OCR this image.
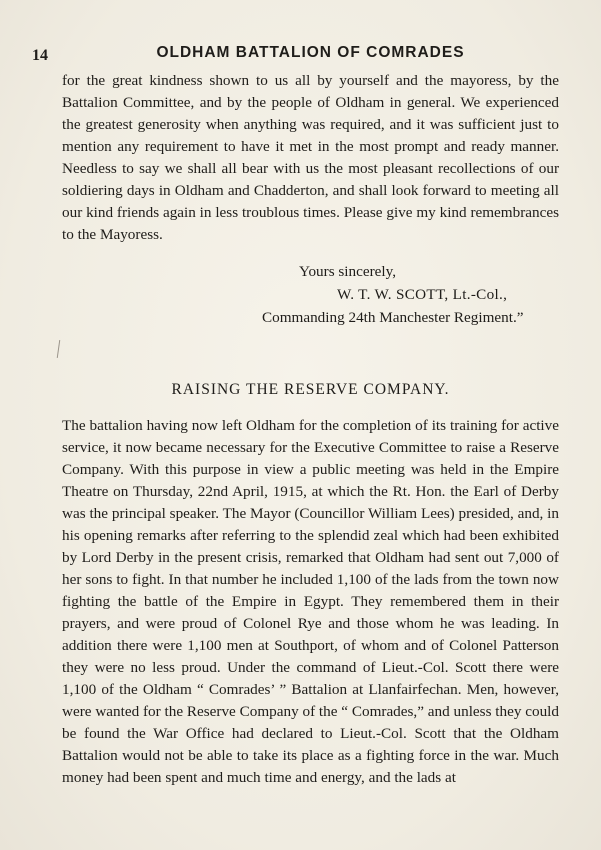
14	OLDHAM BATTALION OF COMRADES

for the great kindness shown to us all by yourself and the mayoress, by the Battalion Committee, and by the people of Oldham in general. We experienced the greatest generosity when anything was required, and it was sufficient just to mention any requirement to have it met in the most prompt and ready manner. Needless to say we shall all bear with us the most pleasant recollections of our soldiering days in Oldham and Chadderton, and shall look forward to meeting all our kind friends again in less troublous times. Please give my kind remembrances to the Mayoress.

Yours sincerely,
W. T. W. SCOTT, Lt.-Col.,
Commanding 24th Manchester Regiment.”
RAISING THE RESERVE COMPANY.

The battalion having now left Oldham for the completion of its training for active service, it now became necessary for the Executive Committee to raise a Reserve Company. With this purpose in view a public meeting was held in the Empire Theatre on Thursday, 22nd April, 1915, at which the Rt. Hon. the Earl of Derby was the principal speaker. The Mayor (Councillor William Lees) presided, and, in his opening remarks after referring to the splendid zeal which had been exhibited by Lord Derby in the present crisis, remarked that Oldham had sent out 7,000 of her sons to fight. In that number he included 1,100 of the lads from the town now fighting the battle of the Empire in Egypt. They remembered them in their prayers, and were proud of Colonel Rye and those whom he was leading. In addition there were 1,100 men at Southport, of whom and of Colonel Patterson they were no less proud. Under the command of Lieut.-Col. Scott there were 1,100 of the Oldham “ Comrades’ ” Battalion at Llanfairfechan. Men, however, were wanted for the Reserve Company of the “ Comrades,” and unless they could be found the War Office had declared to Lieut.-Col. Scott that the Oldham Battalion would not be able to take its place as a fighting force in the war. Much money had been spent and much time and energy, and the lads at
